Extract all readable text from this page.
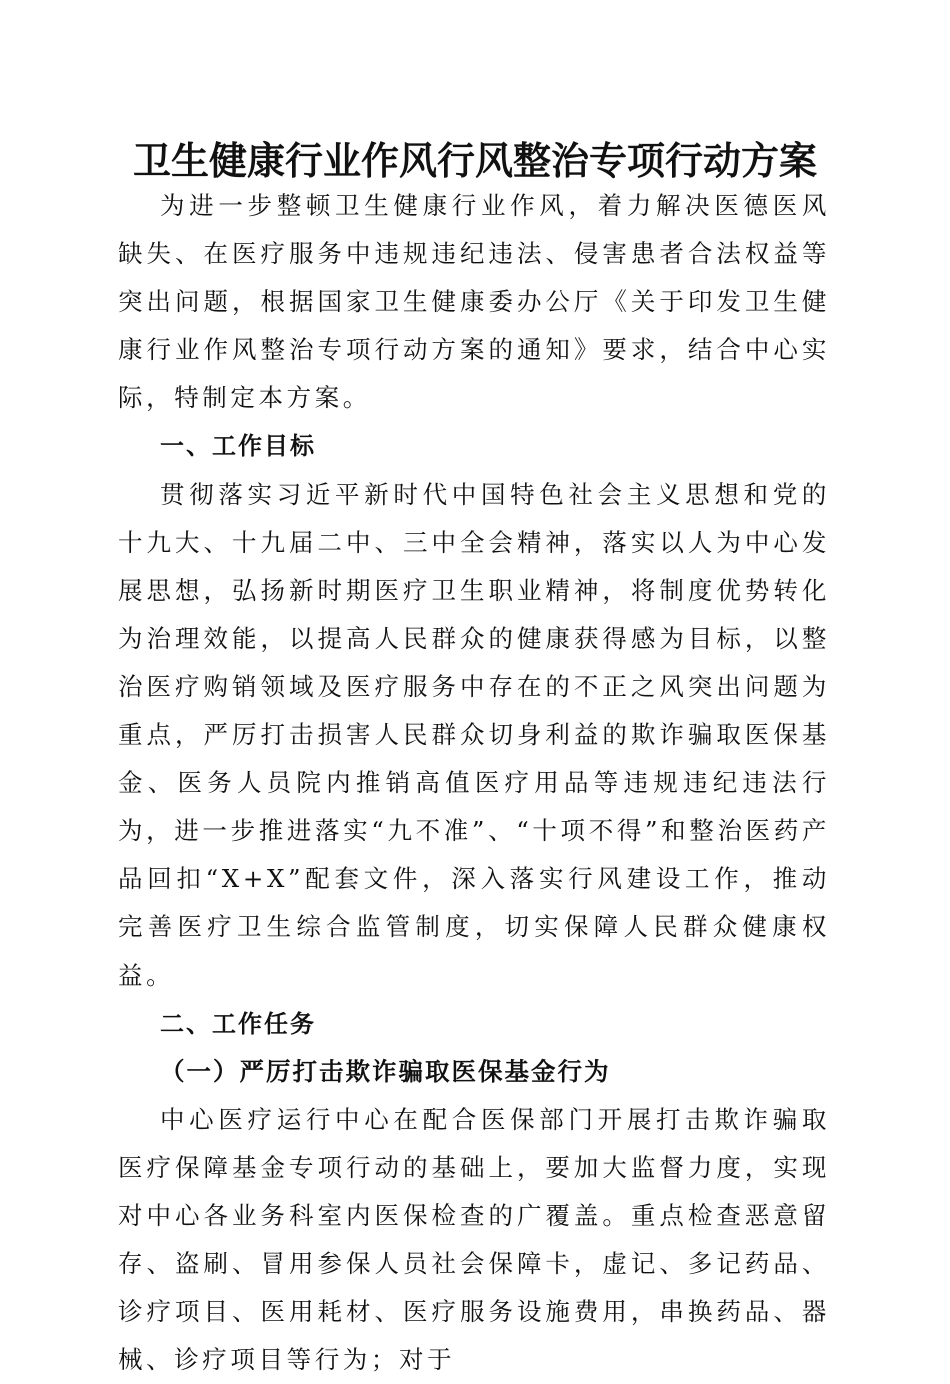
卫生健康行业作风行风整治专项行动方案

为进一步整顿卫生健康行业作风，着力解决医德医风缺失、在医疗服务中违规违纪违法、侵害患者合法权益等突出问题，根据国家卫生健康委办公厅《关于印发卫生健康行业作风整治专项行动方案的通知》要求，结合中心实际，特制定本方案。

一、工作目标

贯彻落实习近平新时代中国特色社会主义思想和党的十九大、十九届二中、三中全会精神，落实以人为中心发展思想，弘扬新时期医疗卫生职业精神，将制度优势转化为治理效能，以提高人民群众的健康获得感为目标，以整治医疗购销领域及医疗服务中存在的不正之风突出问题为重点，严厉打击损害人民群众切身利益的欺诈骗取医保基金、医务人员院内推销高值医疗用品等违规违纪违法行为，进一步推进落实“九不准”、“十项不得”和整治医药产品回扣“X+X”配套文件，深入落实行风建设工作，推动完善医疗卫生综合监管制度，切实保障人民群众健康权益。

二、工作任务
（一）严厉打击欺诈骗取医保基金行为

中心医疗运行中心在配合医保部门开展打击欺诈骗取医疗保障基金专项行动的基础上，要加大监督力度，实现对中心各业务科室内医保检查的广覆盖。重点检查恶意留存、盗刷、冒用参保人员社会保障卡，虚记、多记药品、诊疗项目、医用耗材、医疗服务设施费用，串换药品、器械、诊疗项目等行为；对于
